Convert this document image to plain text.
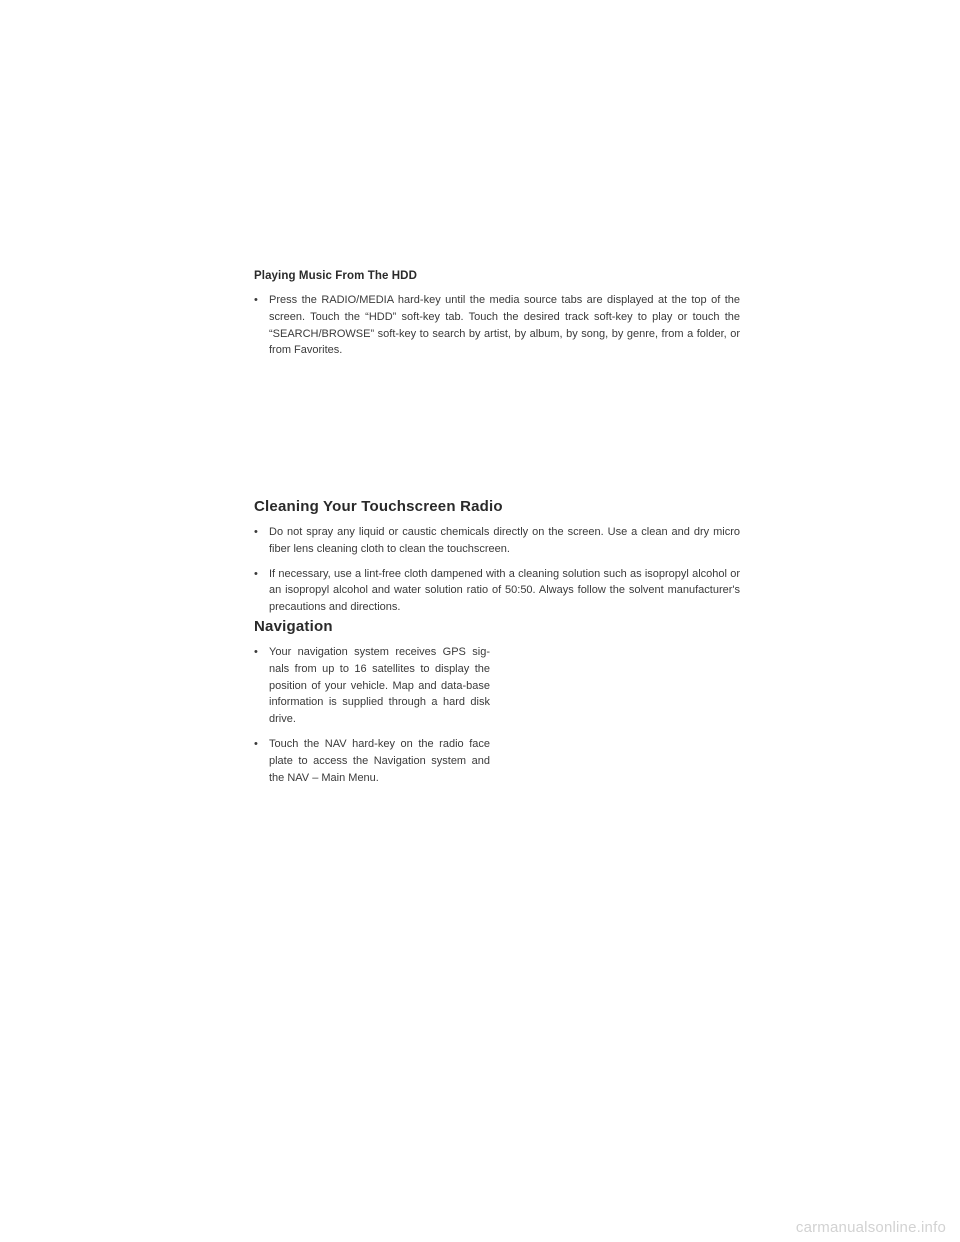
Playing Music From The HDD

• Press the RADIO/MEDIA hard-key until the media source tabs are displayed at the top of the screen. Touch the “HDD” soft-key tab. Touch the desired track soft-key to play or touch the “SEARCH/BROWSE” soft-key to search by artist, by album, by song, by genre, from a folder, or from Favorites.
Cleaning Your Touchscreen Radio
• Do not spray any liquid or caustic chemicals directly on the screen. Use a clean and dry micro fiber lens cleaning cloth to clean the touchscreen.
• If necessary, use a lint-free cloth dampened with a cleaning solution such as isopropyl alcohol or an isopropyl alcohol and water solution ratio of 50:50. Always follow the solvent manufacturer's precautions and directions.
Navigation
• Your navigation system receives GPS sig-nals from up to 16 satellites to display the position of your vehicle. Map and data-base information is supplied through a hard disk drive.
• Touch the NAV hard-key on the radio face plate to access the Navigation system and the NAV – Main Menu.
carmanualsonline.info
